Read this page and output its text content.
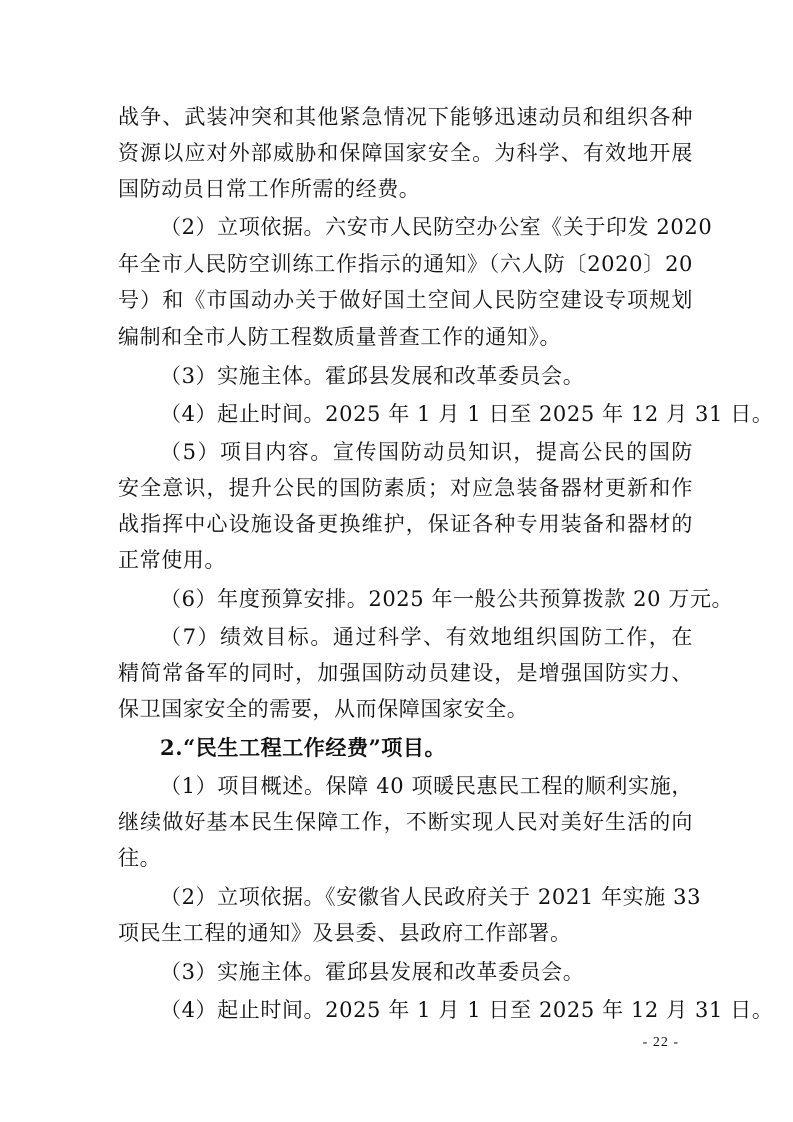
战争、武装冲突和其他紧急情况下能够迅速动员和组织各种
资源以应对外部威胁和保障国家安全。为科学、有效地开展
国防动员日常工作所需的经费。
（2）立项依据。六安市人民防空办公室《关于印发 2020
年全市人民防空训练工作指示的通知》（六人防〔2020〕20
号）和《市国动办关于做好国土空间人民防空建设专项规划
编制和全市人防工程数质量普查工作的通知》。
（3）实施主体。霍邱县发展和改革委员会。
（4）起止时间。2025 年 1 月 1 日至 2025 年 12 月 31 日。
（5）项目内容。宣传国防动员知识，提高公民的国防
安全意识，提升公民的国防素质；对应急装备器材更新和作
战指挥中心设施设备更换维护，保证各种专用装备和器材的
正常使用。
（6）年度预算安排。2025 年一般公共预算拨款 20 万元。
（7）绩效目标。通过科学、有效地组织国防工作，在
精简常备军的同时，加强国防动员建设，是增强国防实力、
保卫国家安全的需要，从而保障国家安全。
2.“民生工程工作经费”项目。
（1）项目概述。保障 40 项暖民惠民工程的顺利实施，
继续做好基本民生保障工作，不断实现人民对美好生活的向
往。
（2）立项依据。《安徽省人民政府关于 2021 年实施 33
项民生工程的通知》及县委、县政府工作部署。
（3）实施主体。霍邱县发展和改革委员会。
（4）起止时间。2025 年 1 月 1 日至 2025 年 12 月 31 日。
- 22 -
